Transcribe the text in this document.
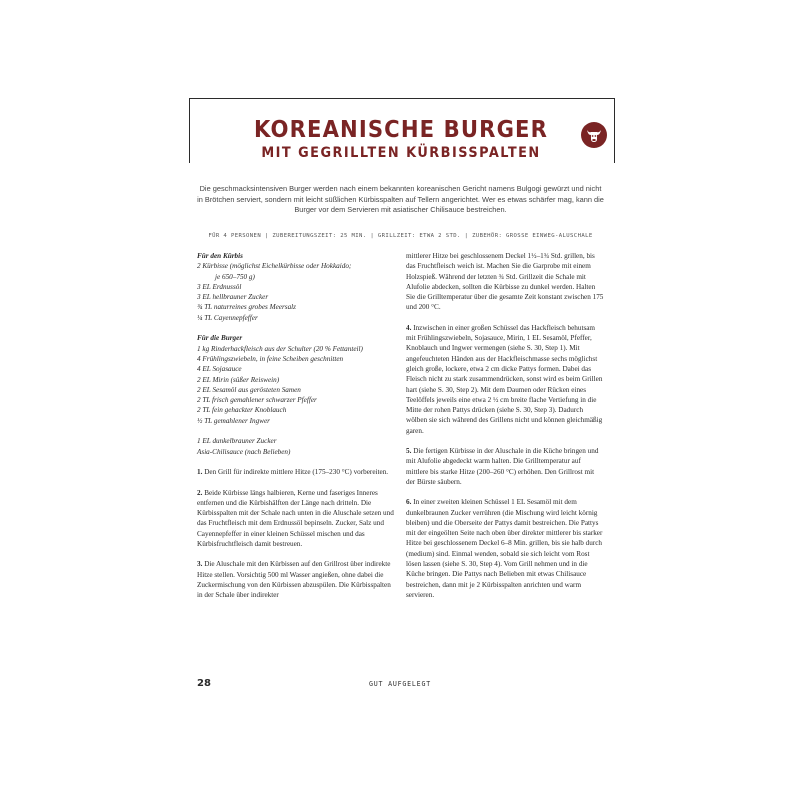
KOREANISCHE BURGER
MIT GEGRILLTEN KÜRBISSPALTEN
Die geschmacksintensiven Burger werden nach einem bekannten koreanischen Gericht namens Bulgogi gewürzt und nicht in Brötchen serviert, sondern mit leicht süßlichen Kürbisspalten auf Tellern angerichtet. Wer es etwas schärfer mag, kann die Burger vor dem Servieren mit asiatischer Chilisauce bestreichen.
FÜR 4 PERSONEN | ZUBEREITUNGSZEIT: 25 MIN. | GRILLZEIT: ETWA 2 STD. | ZUBEHÖR: GROSSE EINWEG-ALUSCHALE

Für den Kürbis

2 Kürbisse (möglichst Eichelkürbisse oder Hokkaido;

je 650–750 g)

3 EL Erdnussöl

3 EL hellbrauner Zucker

¾ TL naturreines grobes Meersalz

¼ TL Cayennepfeffer

Für die Burger

1 kg Rinderhackfleisch aus der Schulter (20 % Fettanteil)

4 Frühlingszwiebeln, in feine Scheiben geschnitten

4 EL Sojasauce

2 EL Mirin (süßer Reiswein)

2 EL Sesamöl aus gerösteten Samen

2 TL frisch gemahlener schwarzer Pfeffer

2 TL fein gehackter Knoblauch

½ TL gemahlener Ingwer

1 EL dunkelbrauner Zucker

Asia-Chilisauce (nach Belieben)

1. Den Grill für indirekte mittlere Hitze (175–230 °C) vorbereiten.

2. Beide Kürbisse längs halbieren, Kerne und faseriges Inneres entfernen und die Kürbishälften der Länge nach dritteln. Die Kürbisspalten mit der Schale nach unten in die Aluschale setzen und das Fruchtfleisch mit dem Erdnussöl bepinseln. Zucker, Salz und Cayennepfeffer in einer kleinen Schüssel mischen und das Kürbisfruchtfleisch damit bestreuen.

3. Die Aluschale mit den Kürbissen auf den Grillrost über indirekte Hitze stellen. Vorsichtig 500 ml Wasser angießen, ohne dabei die Zuckermischung von den Kürbissen abzuspülen. Die Kürbisspalten in der Schale über indirekter

mittlerer Hitze bei geschlossenem Deckel 1½–1¾ Std. grillen, bis das Fruchtfleisch weich ist. Machen Sie die Garprobe mit einem Holzspieß. Während der letzten ¾ Std. Grillzeit die Schale mit Alufolie abdecken, sollten die Kürbisse zu dunkel werden. Halten Sie die Grilltemperatur über die gesamte Zeit konstant zwischen 175 und 200 °C.

4. Inzwischen in einer großen Schüssel das Hackfleisch behutsam mit Frühlingszwiebeln, Sojasauce, Mirin, 1 EL Sesamöl, Pfeffer, Knoblauch und Ingwer vermengen (siehe S. 30, Step 1). Mit angefeuchteten Händen aus der Hackfleischmasse sechs möglichst gleich große, lockere, etwa 2 cm dicke Pattys formen. Dabei das Fleisch nicht zu stark zusammendrücken, sonst wird es beim Grillen hart (siehe S. 30, Step 2). Mit dem Daumen oder Rücken eines Teelöffels jeweils eine etwa 2 ½ cm breite flache Vertiefung in die Mitte der rohen Pattys drücken (siehe S. 30, Step 3). Dadurch wölben sie sich während des Grillens nicht und können gleichmäßig garen.

5. Die fertigen Kürbisse in der Aluschale in die Küche bringen und mit Alufolie abgedeckt warm halten. Die Grilltemperatur auf mittlere bis starke Hitze (200–260 °C) erhöhen. Den Grillrost mit der Bürste säubern.

6. In einer zweiten kleinen Schüssel 1 EL Sesamöl mit dem dunkelbraunen Zucker verrühren (die Mischung wird leicht körnig bleiben) und die Oberseite der Pattys damit bestreichen. Die Pattys mit der eingeölten Seite nach oben über direkter mittlerer bis starker Hitze bei geschlossenem Deckel 6–8 Min. grillen, bis sie halb durch (medium) sind. Einmal wenden, sobald sie sich leicht vom Rost lösen lassen (siehe S. 30, Step 4). Vom Grill nehmen und in die Küche bringen. Die Pattys nach Belieben mit etwas Chilisauce bestreichen, dann mit je 2 Kürbisspalten anrichten und warm servieren.

28	GUT AUFGELEGT
